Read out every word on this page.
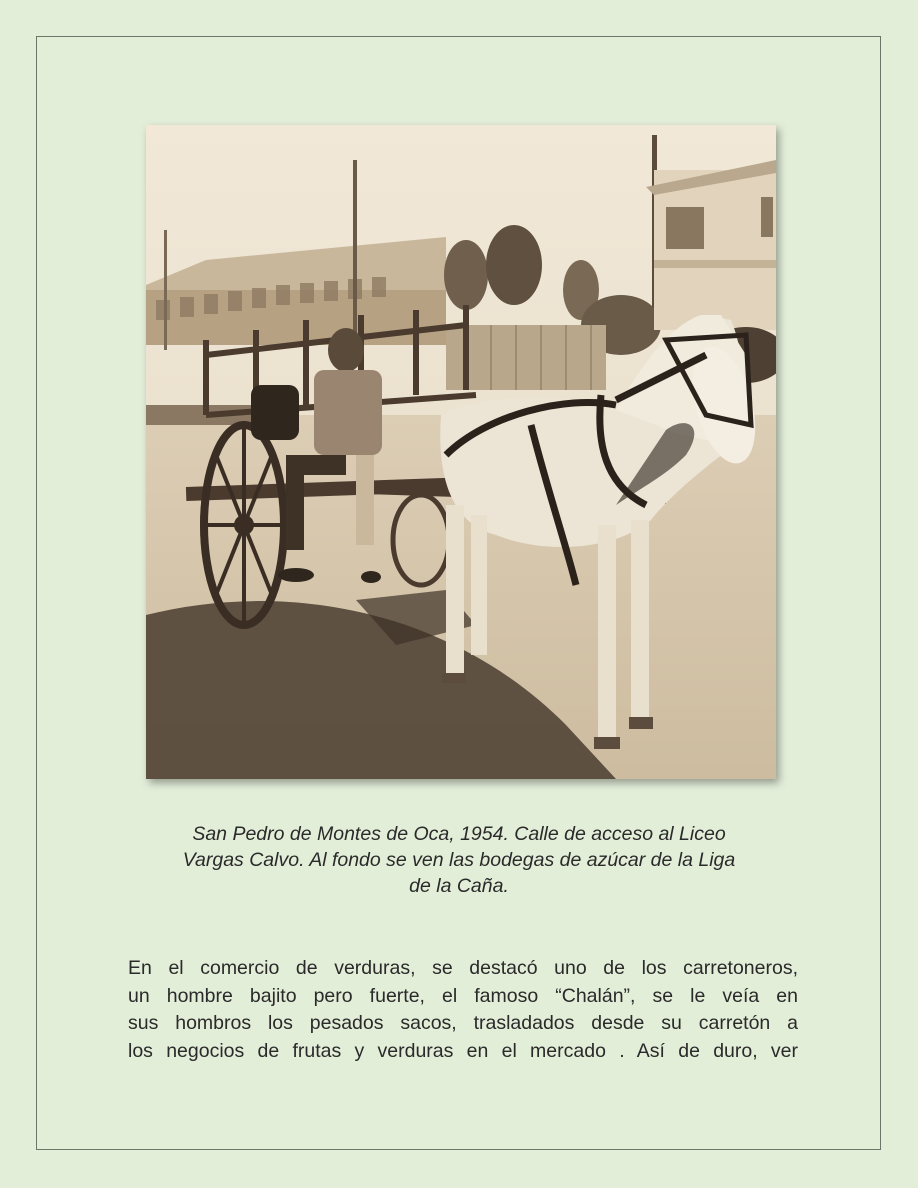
San Pedro de Montes de Oca, 1954. Calle de acceso al Liceo
Vargas Calvo. Al fondo se ven las bodegas de azúcar de la Liga
de la Caña.
En el comercio de verduras, se destacó uno de los carretoneros,
un hombre bajito pero fuerte, el famoso “Chalán”, se le veía en
sus hombros los pesados sacos, trasladados desde su carretón a
los negocios de frutas y verduras en el mercado . Así de duro, ver
